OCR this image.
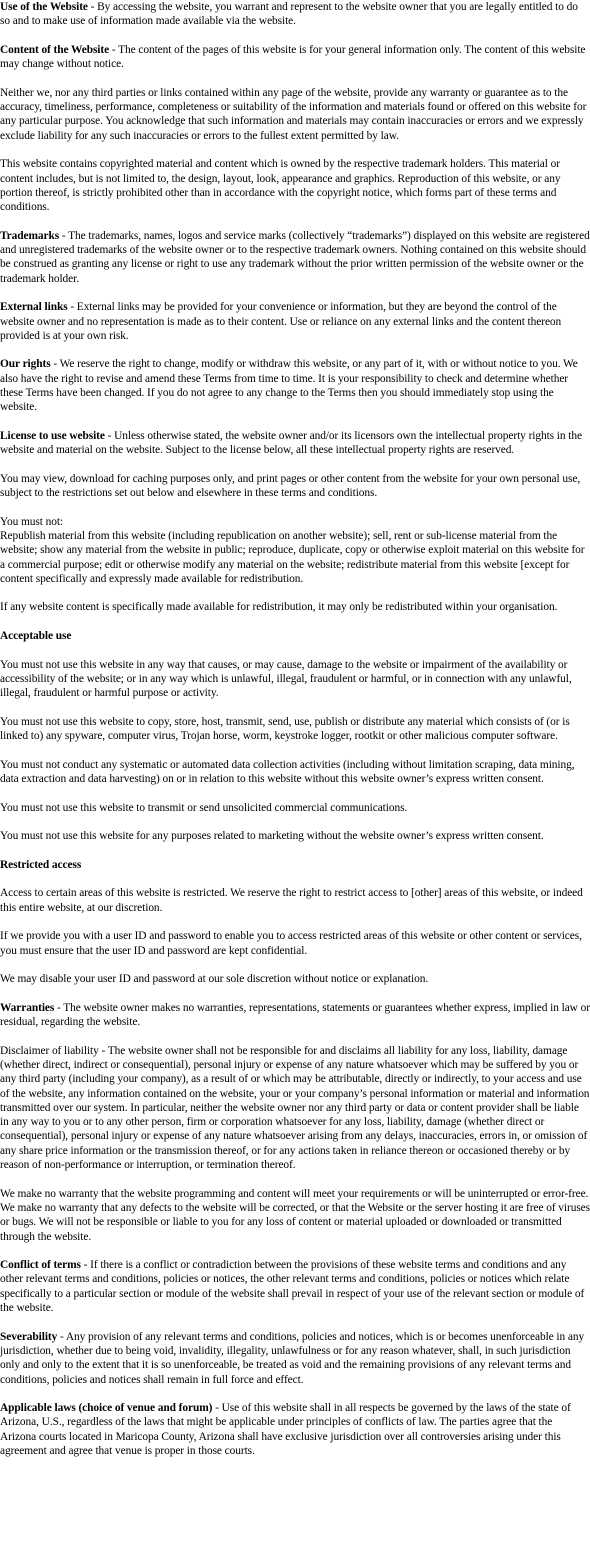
Use of the Website - By accessing the website, you warrant and represent to the website owner that you are legally entitled to do so and to make use of information made available via the website.

Content of the Website - The content of the pages of this website is for your general information only. The content of this website may change without notice.

Neither we, nor any third parties or links contained within any page of the website, provide any warranty or guarantee as to the accuracy, timeliness, performance, completeness or suitability of the information and materials found or offered on this website for any particular purpose. You acknowledge that such information and materials may contain inaccuracies or errors and we expressly exclude liability for any such inaccuracies or errors to the fullest extent permitted by law.

This website contains copyrighted material and content which is owned by the respective trademark holders. This material or content includes, but is not limited to, the design, layout, look, appearance and graphics. Reproduction of this website, or any portion thereof, is strictly prohibited other than in accordance with the copyright notice, which forms part of these terms and conditions.

Trademarks - The trademarks, names, logos and service marks (collectively “trademarks”) displayed on this website are registered and unregistered trademarks of the website owner or to the respective trademark owners. Nothing contained on this website should be construed as granting any license or right to use any trademark without the prior written permission of the website owner or the trademark holder.

External links - External links may be provided for your convenience or information, but they are beyond the control of the website owner and no representation is made as to their content. Use or reliance on any external links and the content thereon provided is at your own risk.

Our rights - We reserve the right to change, modify or withdraw this website, or any part of it, with or without notice to you. We also have the right to revise and amend these Terms from time to time. It is your responsibility to check and determine whether these Terms have been changed. If you do not agree to any change to the Terms then you should immediately stop using the website.

License to use website - Unless otherwise stated, the website owner and/or its licensors own the intellectual property rights in the website and material on the website. Subject to the license below, all these intellectual property rights are reserved.

You may view, download for caching purposes only, and print pages or other content from the website for your own personal use, subject to the restrictions set out below and elsewhere in these terms and conditions.

You must not:
Republish material from this website (including republication on another website); sell, rent or sub-license material from the website; show any material from the website in public; reproduce, duplicate, copy or otherwise exploit material on this website for a commercial purpose; edit or otherwise modify any material on the website; redistribute material from this website [except for content specifically and expressly made available for redistribution.

If any website content is specifically made available for redistribution, it may only be redistributed within your organisation.

Acceptable use

You must not use this website in any way that causes, or may cause, damage to the website or impairment of the availability or accessibility of the website; or in any way which is unlawful, illegal, fraudulent or harmful, or in connection with any unlawful, illegal, fraudulent or harmful purpose or activity.

You must not use this website to copy, store, host, transmit, send, use, publish or distribute any material which consists of (or is linked to) any spyware, computer virus, Trojan horse, worm, keystroke logger, rootkit or other malicious computer software.

You must not conduct any systematic or automated data collection activities (including without limitation scraping, data mining, data extraction and data harvesting) on or in relation to this website without this website owner’s express written consent.

You must not use this website to transmit or send unsolicited commercial communications.

You must not use this website for any purposes related to marketing without the website owner’s express written consent.

Restricted access

Access to certain areas of this website is restricted. We reserve the right to restrict access to [other] areas of this website, or indeed this entire website, at our discretion.

If we provide you with a user ID and password to enable you to access restricted areas of this website or other content or services, you must ensure that the user ID and password are kept confidential.

We may disable your user ID and password at our sole discretion without notice or explanation.

Warranties - The website owner makes no warranties, representations, statements or guarantees whether express, implied in law or residual, regarding the website.

Disclaimer of liability - The website owner shall not be responsible for and disclaims all liability for any loss, liability, damage (whether direct, indirect or consequential), personal injury or expense of any nature whatsoever which may be suffered by you or any third party (including your company), as a result of or which may be attributable, directly or indirectly, to your access and use of the website, any information contained on the website, your or your company’s personal information or material and information transmitted over our system. In particular, neither the website owner nor any third party or data or content provider shall be liable in any way to you or to any other person, firm or corporation whatsoever for any loss, liability, damage (whether direct or consequential), personal injury or expense of any nature whatsoever arising from any delays, inaccuracies, errors in, or omission of any share price information or the transmission thereof, or for any actions taken in reliance thereon or occasioned thereby or by reason of non-performance or interruption, or termination thereof.

We make no warranty that the website programming and content will meet your requirements or will be uninterrupted or error-free. We make no warranty that any defects to the website will be corrected, or that the Website or the server hosting it are free of viruses or bugs. We will not be responsible or liable to you for any loss of content or material uploaded or downloaded or transmitted through the website.

Conflict of terms - If there is a conflict or contradiction between the provisions of these website terms and conditions and any other relevant terms and conditions, policies or notices, the other relevant terms and conditions, policies or notices which relate specifically to a particular section or module of the website shall prevail in respect of your use of the relevant section or module of the website.

Severability - Any provision of any relevant terms and conditions, policies and notices, which is or becomes unenforceable in any jurisdiction, whether due to being void, invalidity, illegality, unlawfulness or for any reason whatever, shall, in such jurisdiction only and only to the extent that it is so unenforceable, be treated as void and the remaining provisions of any relevant terms and conditions, policies and notices shall remain in full force and effect.

Applicable laws (choice of venue and forum) - Use of this website shall in all respects be governed by the laws of the state of Arizona, U.S., regardless of the laws that might be applicable under principles of conflicts of law. The parties agree that the Arizona courts located in Maricopa County, Arizona shall have exclusive jurisdiction over all controversies arising under this agreement and agree that venue is proper in those courts.
